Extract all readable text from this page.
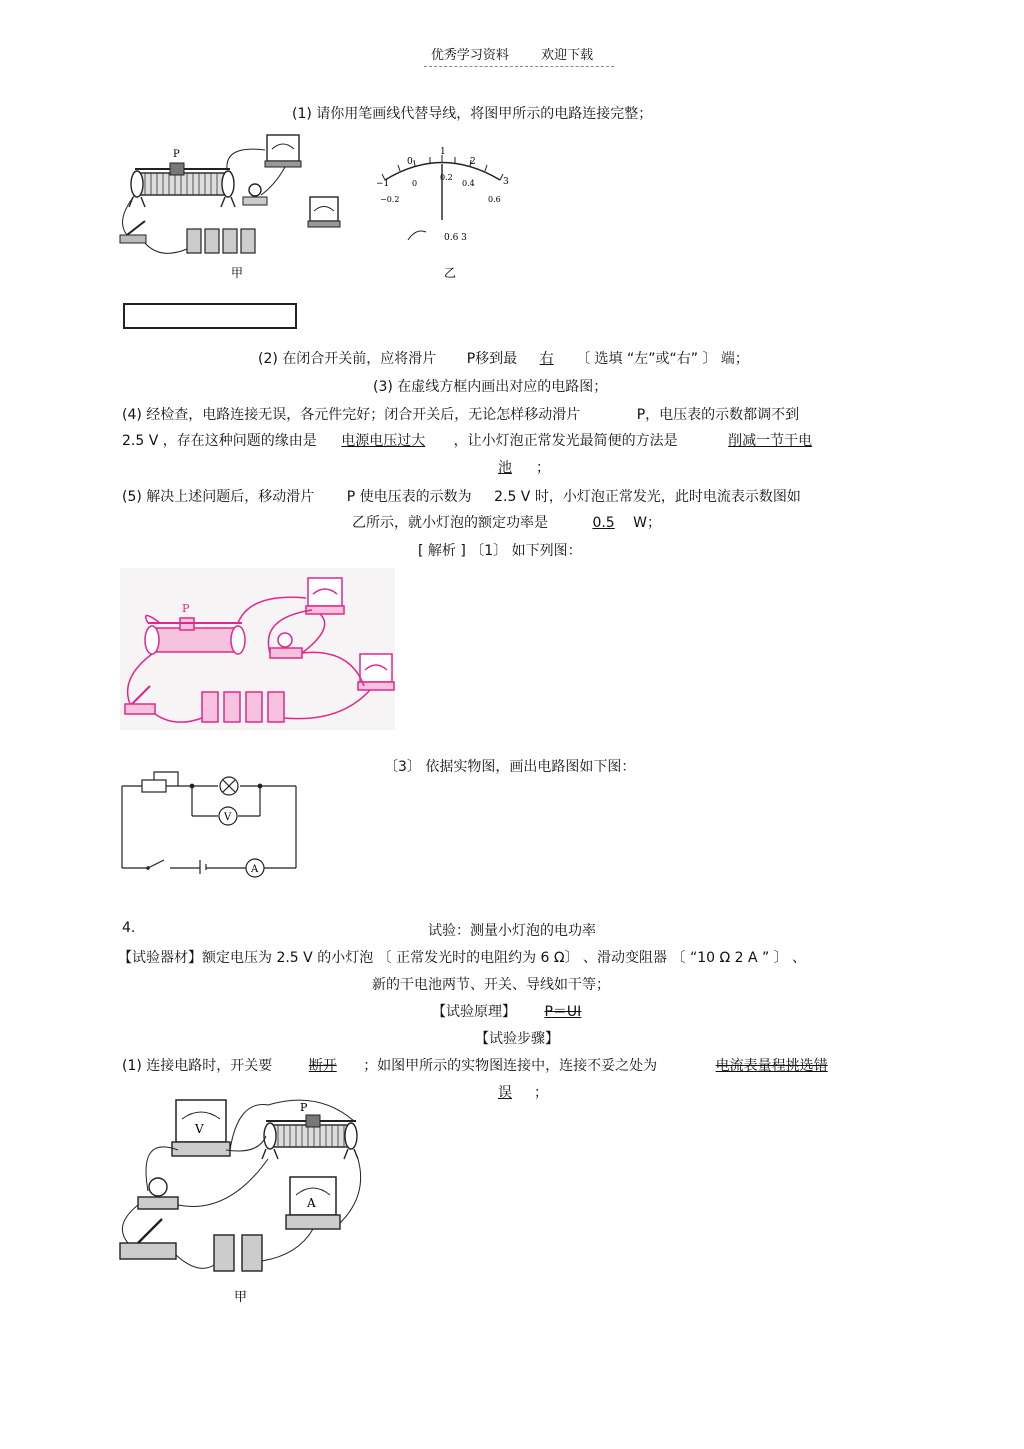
优秀学习资料 欢迎下载
(1) 请你用笔画线代替导线，将图甲所示的电路连接完整；
P
甲
−1
0
1
2
3
0
0.2
0.4
−0.2	0.6
0.6 3
乙
(2) 在闭合开关前，应将滑片 P移到最 右 〔 选填 “左”或“右” 〕 端；
(3) 在虚线方框内画出对应的电路图；
(4) 经检查，电路连接无误，各元件完好；闭合开关后，无论怎样移动滑片	P，电压表的示数都调不到
2.5 V ，存在这种问题的缘由是 电源电压过大 ，让小灯泡正常发光最简便的方法是	削减一节干电
池 ；
(5) 解决上述问题后，移动滑片 P 使电压表的示数为 2.5 V 时，小灯泡正常发光，此时电流表示数图如
乙所示，就小灯泡的额定功率是	0.5 W；
[ 解析 ] 〔1〕 如下列图：
P
〔3〕 依据实物图，画出电路图如下图：
V
A
4.	试验：测量小灯泡的电功率
【试验器材】额定电压为 2.5 V 的小灯泡 〔 正常发光时的电阻约为 6 Ω〕 、滑动变阻器 〔 “10 Ω 2 A ” 〕 、
新的干电池两节、开关、导线如干等；
【试验原理】 P＝UI
【试验步骤】
(1) 连接电路时，开关要	断开 ；如图甲所示的实物图连接中，连接不妥之处为	电流表量程挑选错
误 ；
V
P
A
甲
